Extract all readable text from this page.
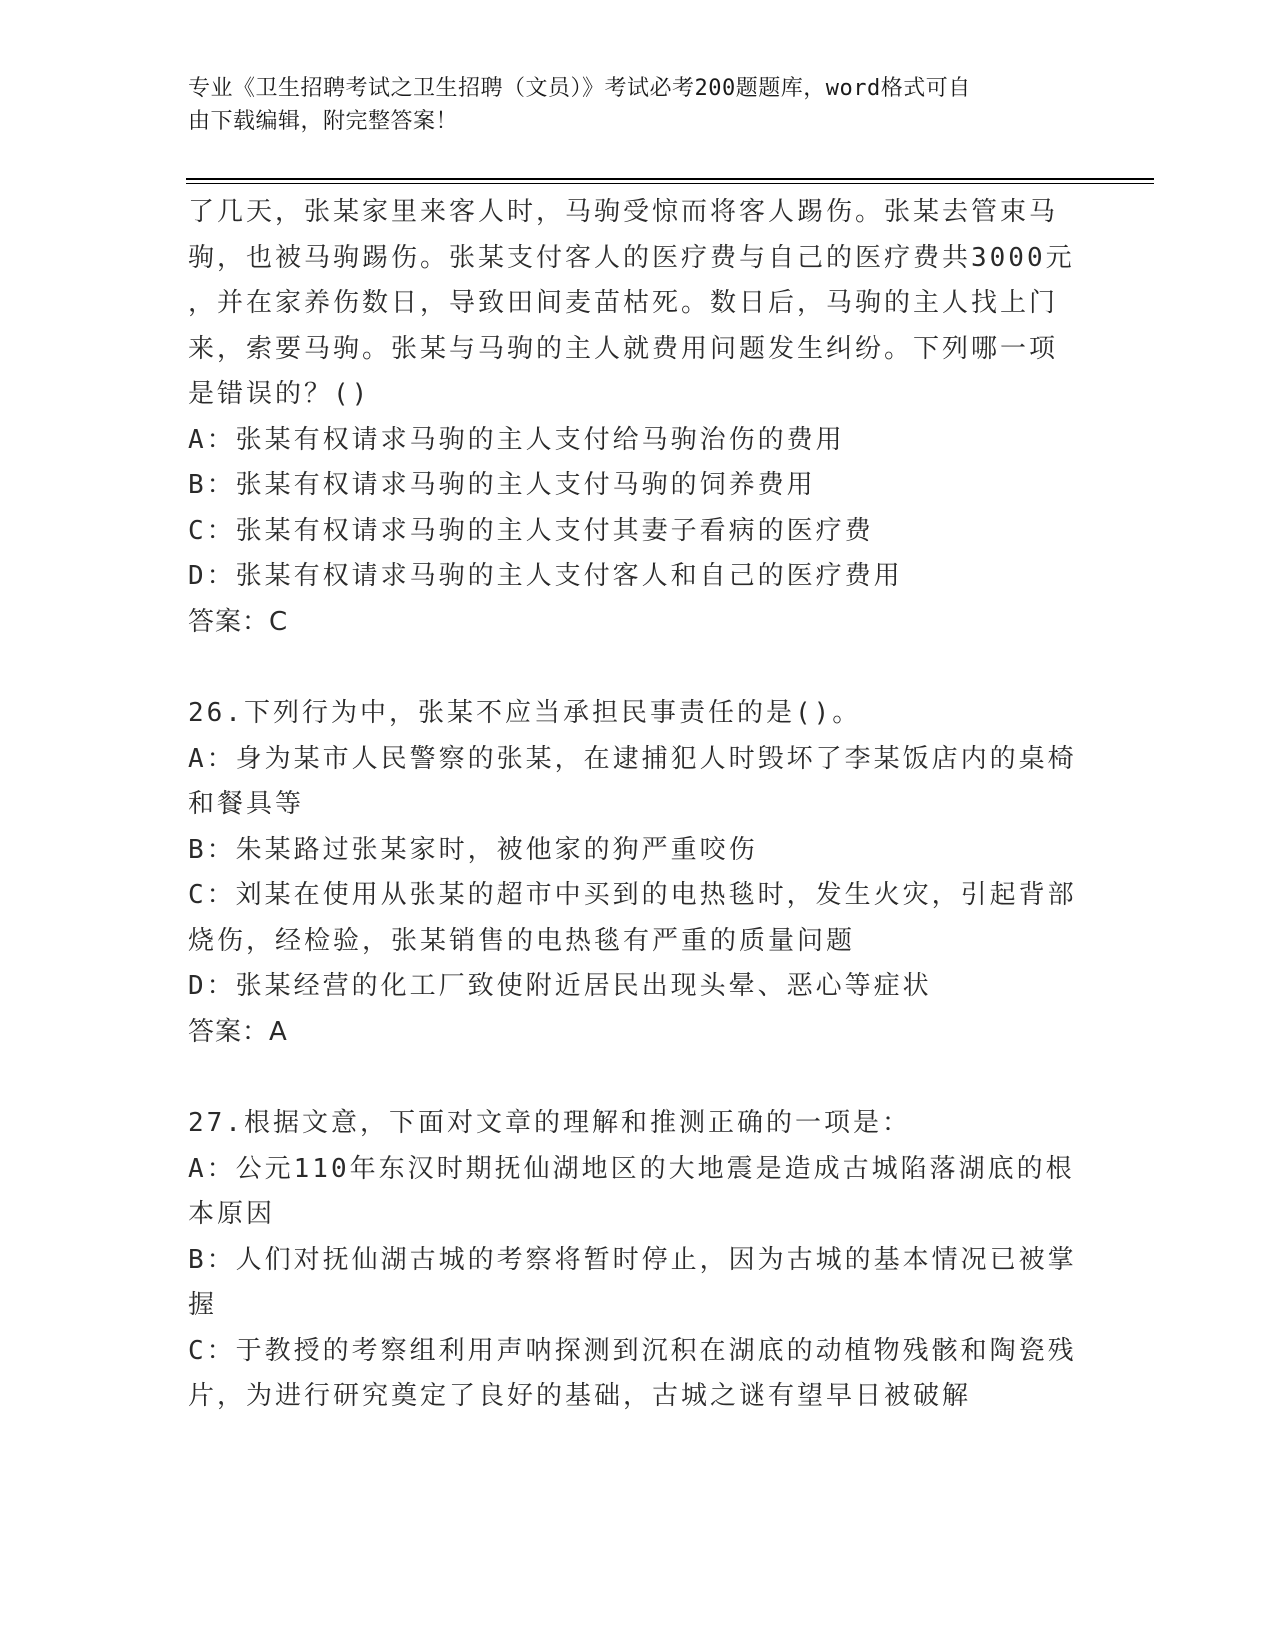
专业《卫生招聘考试之卫生招聘（文员）》考试必考200题题库，word格式可自
由下载编辑，附完整答案！

了几天，张某家里来客人时，马驹受惊而将客人踢伤。张某去管束马

驹，也被马驹踢伤。张某支付客人的医疗费与自己的医疗费共3000元

，并在家养伤数日，导致田间麦苗枯死。数日后，马驹的主人找上门

来，索要马驹。张某与马驹的主人就费用问题发生纠纷。下列哪一项

是错误的？()

A：张某有权请求马驹的主人支付给马驹治伤的费用

B：张某有权请求马驹的主人支付马驹的饲养费用

C：张某有权请求马驹的主人支付其妻子看病的医疗费

D：张某有权请求马驹的主人支付客人和自己的医疗费用

答案：C

26.下列行为中，张某不应当承担民事责任的是()。

A：身为某市人民警察的张某，在逮捕犯人时毁坏了李某饭店内的桌椅

和餐具等

B：朱某路过张某家时，被他家的狗严重咬伤

C：刘某在使用从张某的超市中买到的电热毯时，发生火灾，引起背部

烧伤，经检验，张某销售的电热毯有严重的质量问题

D：张某经营的化工厂致使附近居民出现头晕、恶心等症状

答案：A

27.根据文意，下面对文章的理解和推测正确的一项是：

A：公元110年东汉时期抚仙湖地区的大地震是造成古城陷落湖底的根

本原因

B：人们对抚仙湖古城的考察将暂时停止，因为古城的基本情况已被掌

握

C：于教授的考察组利用声呐探测到沉积在湖底的动植物残骸和陶瓷残

片，为进行研究奠定了良好的基础，古城之谜有望早日被破解
